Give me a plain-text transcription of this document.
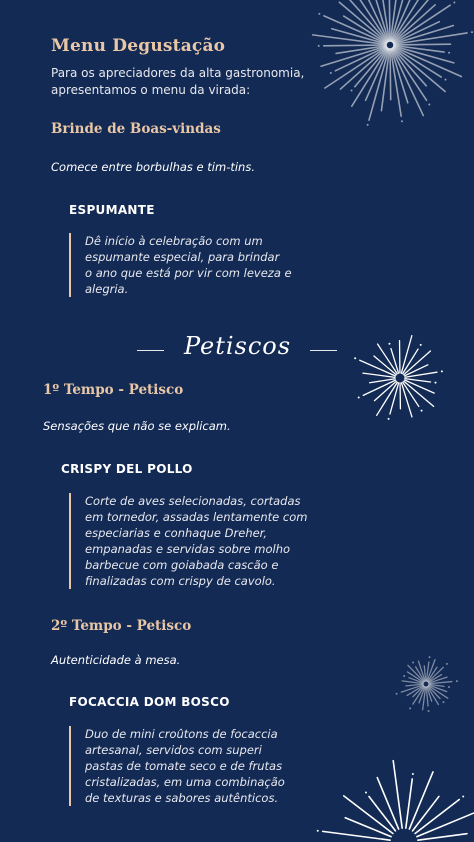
Menu Degustação
Para os apreciadores da alta gastronomia,
apresentamos o menu da virada:
Brinde de Boas-vindas
Comece entre borbulhas e tim-tins.
ESPUMANTE
Dê início à celebração com um
espumante especial, para brindar
o ano que está por vir com leveza e
alegria.
Petiscos
1º Tempo - Petisco
Sensações que não se explicam.
CRISPY DEL POLLO
Corte de aves selecionadas, cortadas
em tornedor, assadas lentamente com
especiarias e conhaque Dreher,
empanadas e servidas sobre molho
barbecue com goiabada cascão e
finalizadas com crispy de cavolo.
2º Tempo - Petisco
Autenticidade à mesa.
FOCACCIA DOM BOSCO
Duo de mini croûtons de focaccia
artesanal, servidos com superi
pastas de tomate seco e de frutas
cristalizadas, em uma combinação
de texturas e sabores autênticos.
